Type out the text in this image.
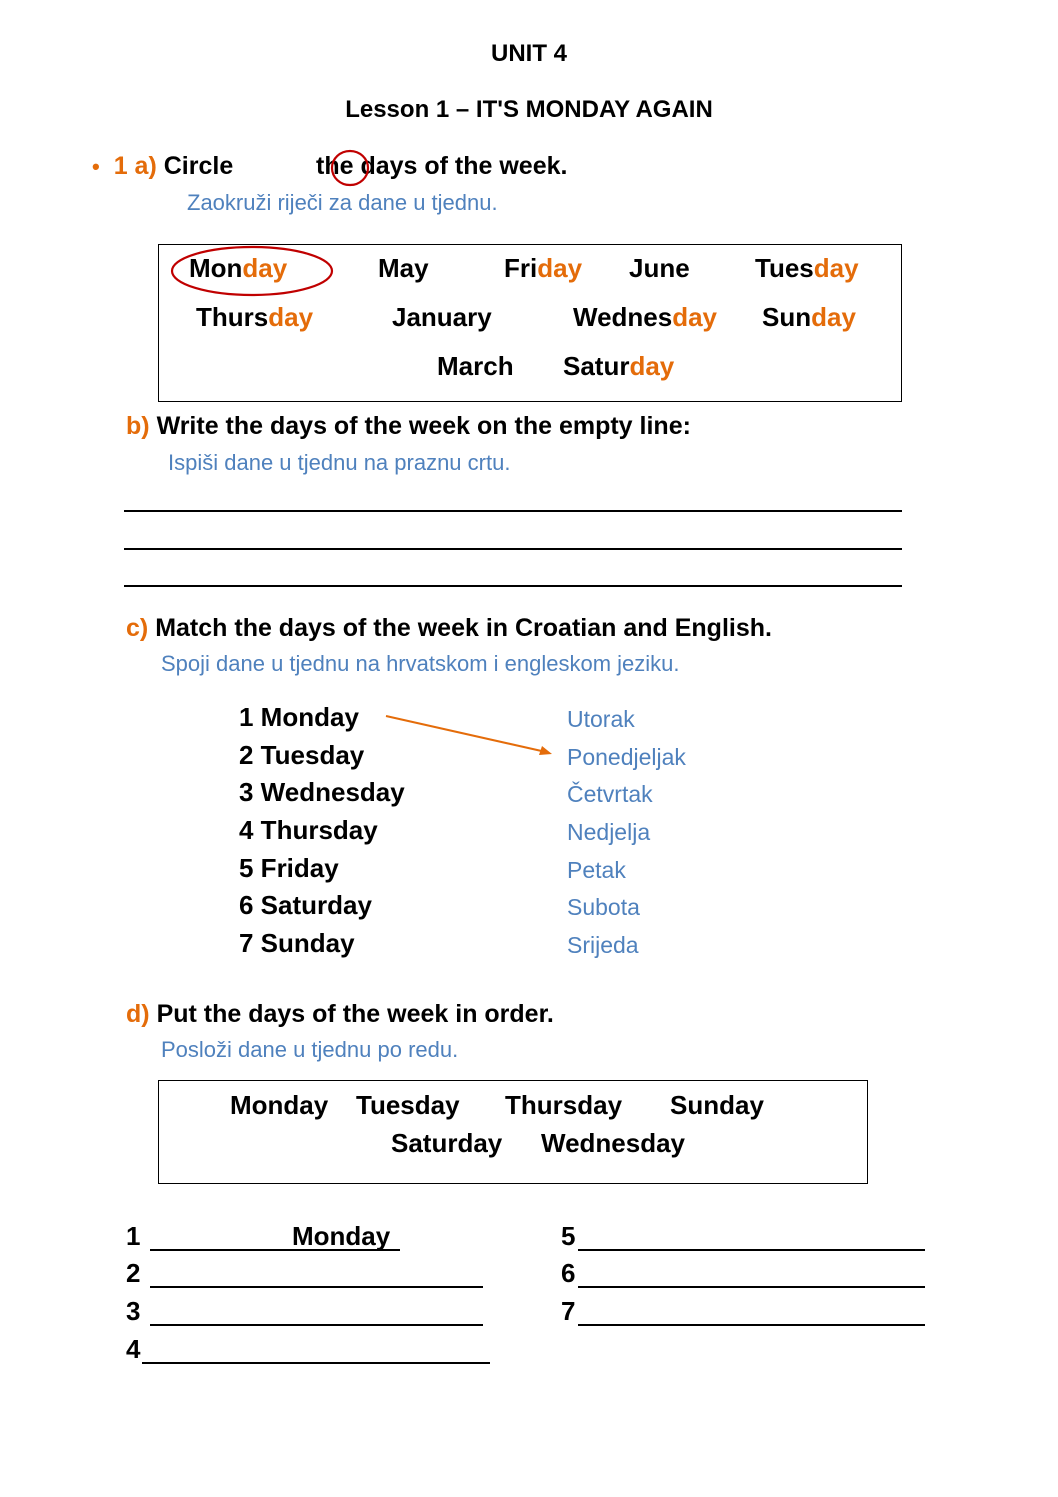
UNIT 4
Lesson 1 – IT'S MONDAY AGAIN
• 1 a) Circle	the days of the week.
Zaokruži riječi za dane u tjednu.
Monday	May	Friday June	Tuesday
Thursday	January	Wednesday Sunday
March Saturday
b) Write the days of the week on the empty line:
Ispiši dane u tjednu na praznu crtu.
c) Match the days of the week in Croatian and English.
Spoji dane u tjednu na hrvatskom i engleskom jeziku.
1 Monday
2 Tuesday
3 Wednesday
4 Thursday
5 Friday
6 Saturday
7 Sunday
Utorak
Ponedjeljak
Četvrtak
Nedjelja
Petak
Subota
Srijeda
d) Put the days of the week in order.
Posloži dane u tjednu po redu.
Monday Tuesday Thursday Sunday
Saturday Wednesday
1	Monday
2
3
4
5
6
7
